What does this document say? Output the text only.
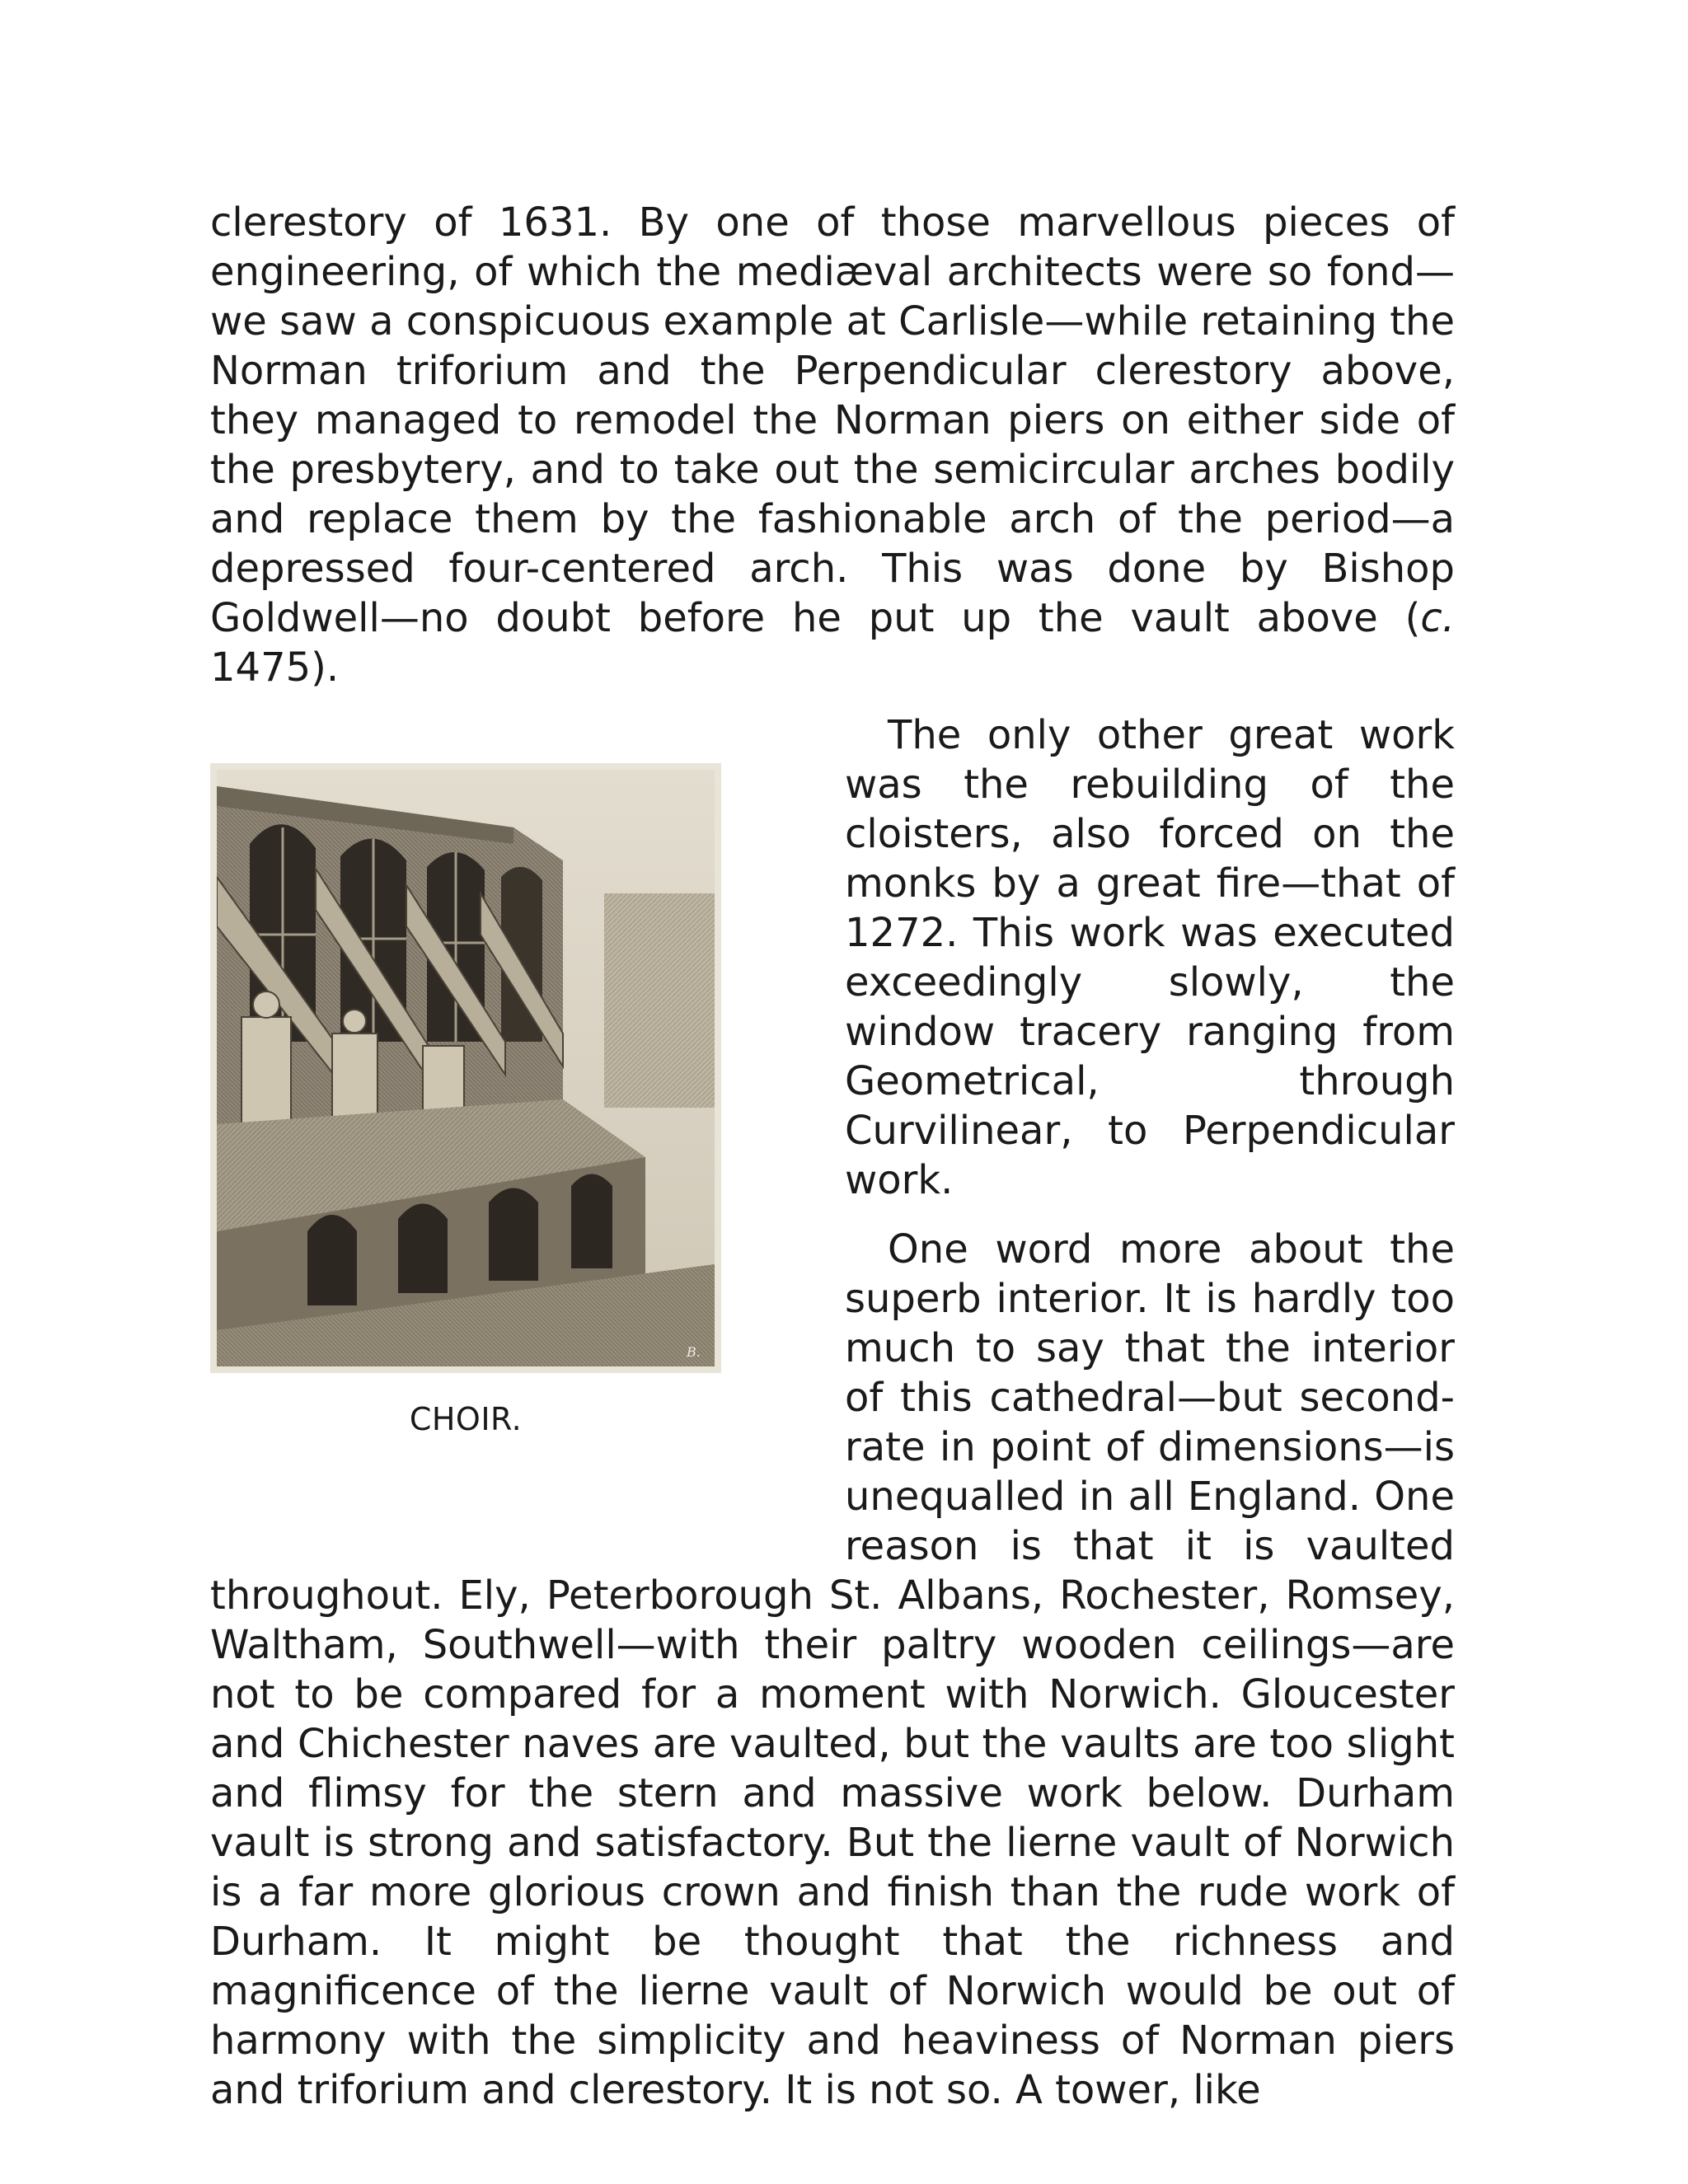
clerestory of 1631. By one of those marvellous pieces of engineering, of which the mediæval architects were so fond—we saw a conspicuous example at Carlisle—while retaining the Norman triforium and the Perpendicular clerestory above, they managed to remodel the Norman piers on either side of the presbytery, and to take out the semicircular arches bodily and replace them by the fashionable arch of the period—a depressed four-centered arch. This was done by Bishop Goldwell—no doubt before he put up the vault above (c. 1475).

B.
CHOIR.

The only other great work was the rebuilding of the cloisters, also forced on the monks by a great fire—that of 1272. This work was executed exceedingly slowly, the window tracery ranging from Geometrical, through Curvilinear, to Perpendicular work.

One word more about the superb interior. It is hardly too much to say that the interior of this cathedral—but second-rate in point of dimensions—is unequalled in all England. One reason is that it is vaulted throughout. Ely, Peterborough St. Albans, Rochester, Romsey, Waltham, Southwell—with their paltry wooden ceilings—are not to be compared for a moment with Norwich. Gloucester and Chichester naves are vaulted, but the vaults are too slight and flimsy for the stern and massive work below. Durham vault is strong and satisfactory. But the lierne vault of Norwich is a far more glorious crown and finish than the rude work of Durham. It might be thought that the richness and magnificence of the lierne vault of Norwich would be out of harmony with the simplicity and heaviness of Norman piers and triforium and clerestory. It is not so. A tower, like
